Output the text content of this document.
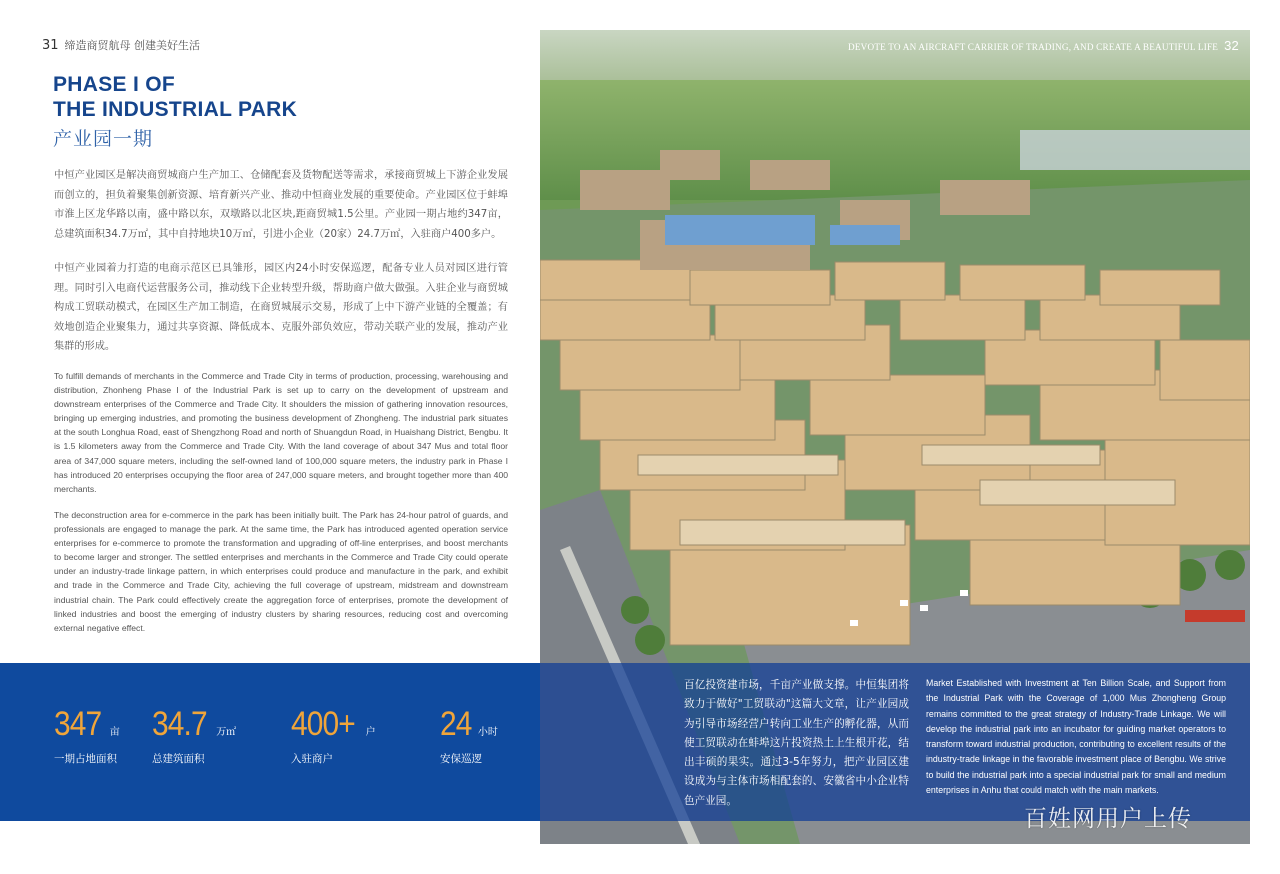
31 缔造商贸航母 创建美好生活
PHASE I OF
THE INDUSTRIAL PARK
产业园一期
中恒产业园区是解决商贸城商户生产加工、仓储配套及货物配送等需求，承接商贸城上下游企业发展而创立的，担负着聚集创新资源、培育新兴产业、推动中恒商业发展的重要使命。产业园区位于蚌埠市淮上区龙华路以南，盛中路以东，双墩路以北区块,距商贸城1.5公里。产业园一期占地约347亩，总建筑面积34.7万㎡，其中自持地块10万㎡，引进小企业（20家）24.7万㎡，入驻商户400多户。
中恒产业园着力打造的电商示范区已具雏形，园区内24小时安保巡逻，配备专业人员对园区进行管理。同时引入电商代运营服务公司，推动线下企业转型升级，帮助商户做大做强。入驻企业与商贸城构成工贸联动模式，在园区生产加工制造，在商贸城展示交易，形成了上中下游产业链的全覆盖；有效地创造企业聚集力，通过共享资源、降低成本、克服外部负效应，带动关联产业的发展，推动产业集群的形成。
To fulfill demands of merchants in the Commerce and Trade City in terms of production, processing, warehousing and distribution, Zhonheng Phase I of the Industrial Park is set up to carry on the development of upstream and downstream enterprises of the Commerce and Trade City. It shoulders the mission of gathering innovation resources, bringing up emerging industries, and promoting the business development of Zhongheng. The industrial park situates at the south Longhua Road, east of Shengzhong Road and north of Shuangdun Road, in Huaishang District, Bengbu. It is 1.5 kilometers away from the Commerce and Trade City. With the land coverage of about 347 Mus and total floor area of 347,000 square meters, including the self-owned land of 100,000 square meters, the industry park in Phase I has introduced 20 enterprises occupying the floor area of 247,000 square meters, and brought together more than 400 merchants.
The deconstruction area for e-commerce in the park has been initially built. The Park has 24-hour patrol of guards, and professionals are engaged to manage the park. At the same time, the Park has introduced agented operation service enterprises for e-commerce to promote the transformation and upgrading of off-line enterprises, and boost merchants to become larger and stronger. The settled enterprises and merchants in the Commerce and Trade City could operate under an industry-trade linkage pattern, in which enterprises could produce and manufacture in the park, and exhibit and trade in the Commerce and Trade City, achieving the full coverage of upstream, midstream and downstream industrial chain. The Park could effectively create the aggregation force of enterprises, promote the development of linked industries and boost the emerging of industry clusters by sharing resources, reducing cost and overcoming external negative effect.
DEVOTE TO AN AIRCRAFT CARRIER OF TRADING, AND CREATE A BEAUTIFUL LIFE 32
347 亩
一期占地面积
34.7 万㎡
总建筑面积
400+ 户
入驻商户
24 小时
安保巡逻
百亿投资建市场，千亩产业做支撑。中恒集团将致力于做好"工贸联动"这篇大文章，让产业园成为引导市场经营户转向工业生产的孵化器，从而使工贸联动在蚌埠这片投资热土上生根开花，结出丰硕的果实。通过3-5年努力，把产业园区建设成为与主体市场相配套的、安徽省中小企业特色产业园。
Market Established with Investment at Ten Billion Scale, and Support from the Industrial Park with the Coverage of 1,000 Mus Zhongheng Group remains committed to the great strategy of Industry-Trade Linkage. We will develop the industrial park into an incubator for guiding market operators to transform toward industrial production, contributing to excellent results of the industry-trade linkage in the favorable investment place of Bengbu. We strive to build the industrial park into a special industrial park for small and medium enterprises in Anhu that could match with the main markets.
百姓网用户上传
